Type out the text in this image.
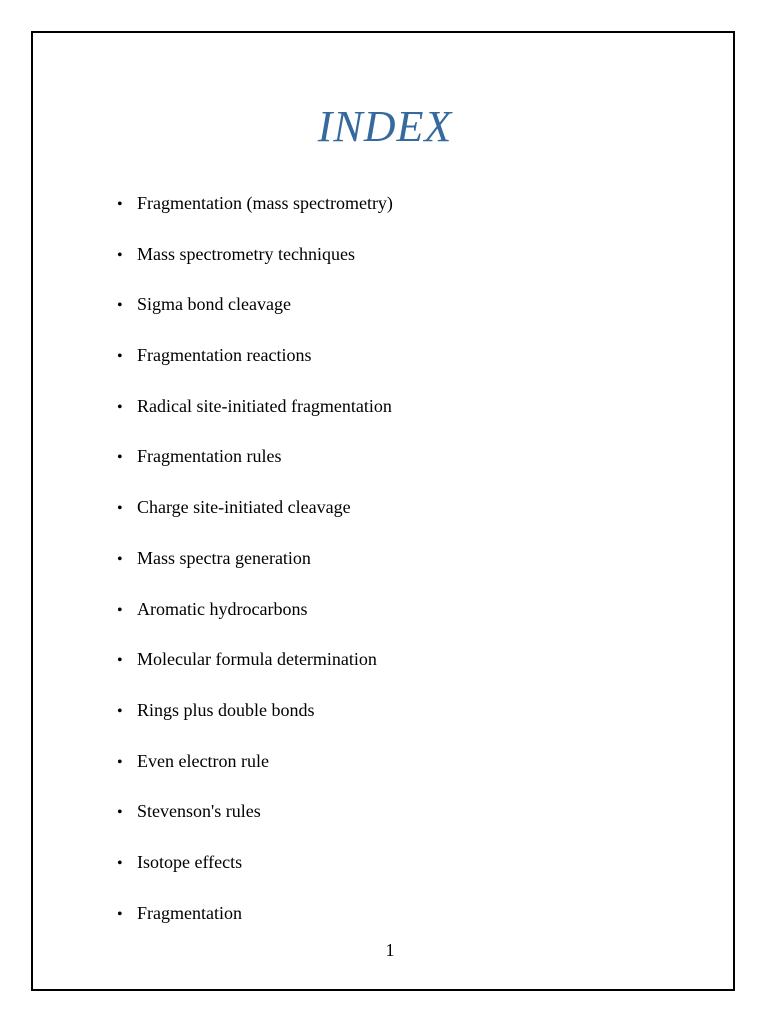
INDEX
• Fragmentation (mass spectrometry)
• Mass spectrometry techniques
• Sigma bond cleavage
• Fragmentation reactions
• Radical site-initiated fragmentation
• Fragmentation rules
• Charge site-initiated cleavage
• Mass spectra generation
• Aromatic hydrocarbons
• Molecular formula determination
• Rings plus double bonds
• Even electron rule
• Stevenson's rules
• Isotope effects
• Fragmentation
1
